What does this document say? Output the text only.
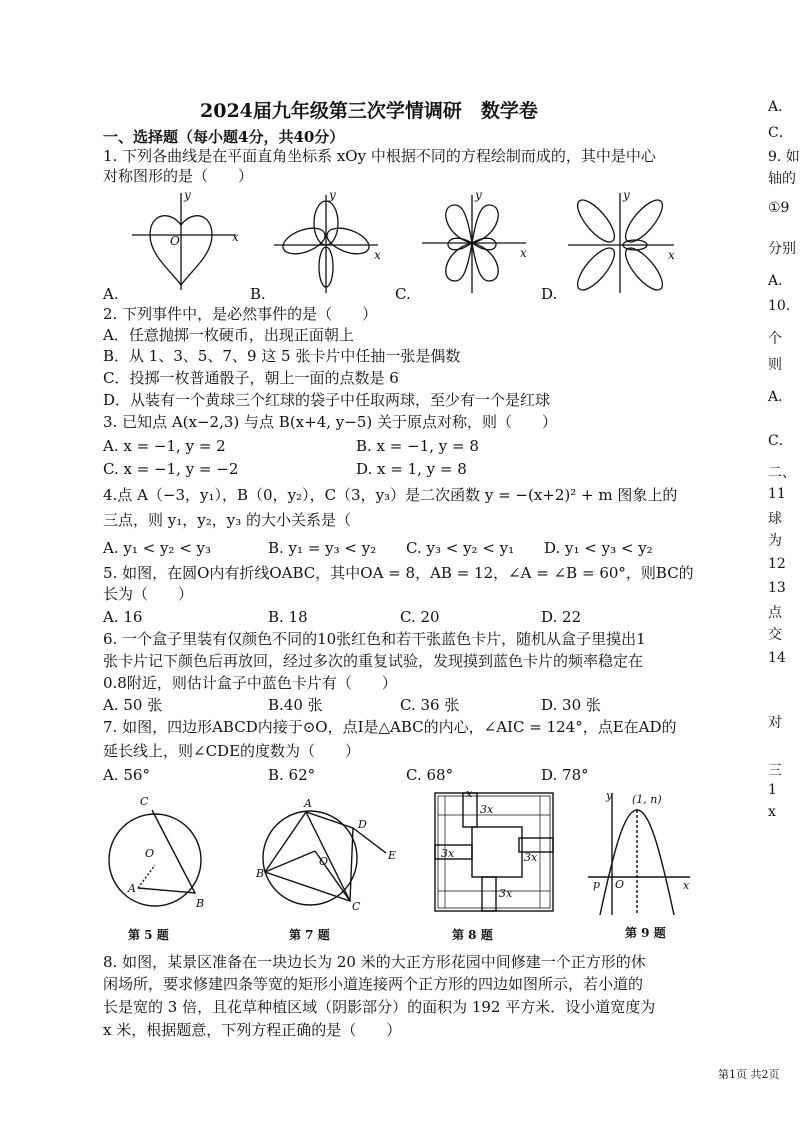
2024届九年级第三次学情调研　数学卷
一、选择题（每小题4分，共40分）
1. 下列各曲线是在平面直角坐标系 xOy 中根据不同的方程绘制而成的，其中是中心
对称图形的是（　　）
y
x
O
y
x
y
x
y
x
A.	B.	C.	D.
2. 下列事件中，是必然事件的是（　　）
A．任意抛掷一枚硬币，出现正面朝上
B．从 1、3、5、7、9 这 5 张卡片中任抽一张是偶数
C．投掷一枚普通骰子，朝上一面的点数是 6
D．从装有一个黄球三个红球的袋子中任取两球，至少有一个是红球
3. 已知点 A(x−2,3) 与点 B(x+4, y−5) 关于原点对称，则（　　）
A. x = −1, y = 2	B. x = −1, y = 8
C. x = −1, y = −2	D. x = 1, y = 8
4.点 A（−3，y₁），B（0，y₂），C（3，y₃）是二次函数 y = −(x+2)² + m 图象上的
三点，则 y₁，y₂，y₃ 的大小关系是（
A. y₁ < y₂ < y₃	B. y₁ = y₃ < y₂ C. y₃ < y₂ < y₁ D. y₁ < y₃ < y₂
5. 如图，在圆O内有折线OABC，其中OA = 8，AB = 12，∠A = ∠B = 60°，则BC的
长为（　　）
A. 16	B. 18	C. 20	D. 22
6. 一个盒子里装有仅颜色不同的10张红色和若干张蓝色卡片，随机从盒子里摸出1
张卡片记下颜色后再放回，经过多次的重复试验，发现摸到蓝色卡片的频率稳定在
0.8附近，则估计盒子中蓝色卡片有（　　）
A. 50 张	B.40 张	C. 36 张	D. 30 张
7. 如图，四边形ABCD内接于⊙O，点I是△ABC的内心，∠AIC = 124°，点E在AD的
延长线上，则∠CDE的度数为（　　）
A. 56°	B. 62°	C. 68°	D. 78°
C
O
A
B
A
D
E
O
B
C
x
3x
3x	3x
3x
(1, n)
p O	x
y
第 5 题	第 7 题	第 8 题	第 9 题
8. 如图，某景区准备在一块边长为 20 米的大正方形花园中间修建一个正方形的休
闲场所，要求修建四条等宽的矩形小道连接两个正方形的四边如图所示，若小道的
长是宽的 3 倍，且花草种植区域（阴影部分）的面积为 192 平方米．设小道宽度为
x 米，根据题意，下列方程正确的是（　　）
A．
C．
9. 如
轴的
①9
分别
A．
10.
个
则
A．
C．
二、
11
球
为
12
13
点
交
14
对
三
1
x
第1页 共2页
